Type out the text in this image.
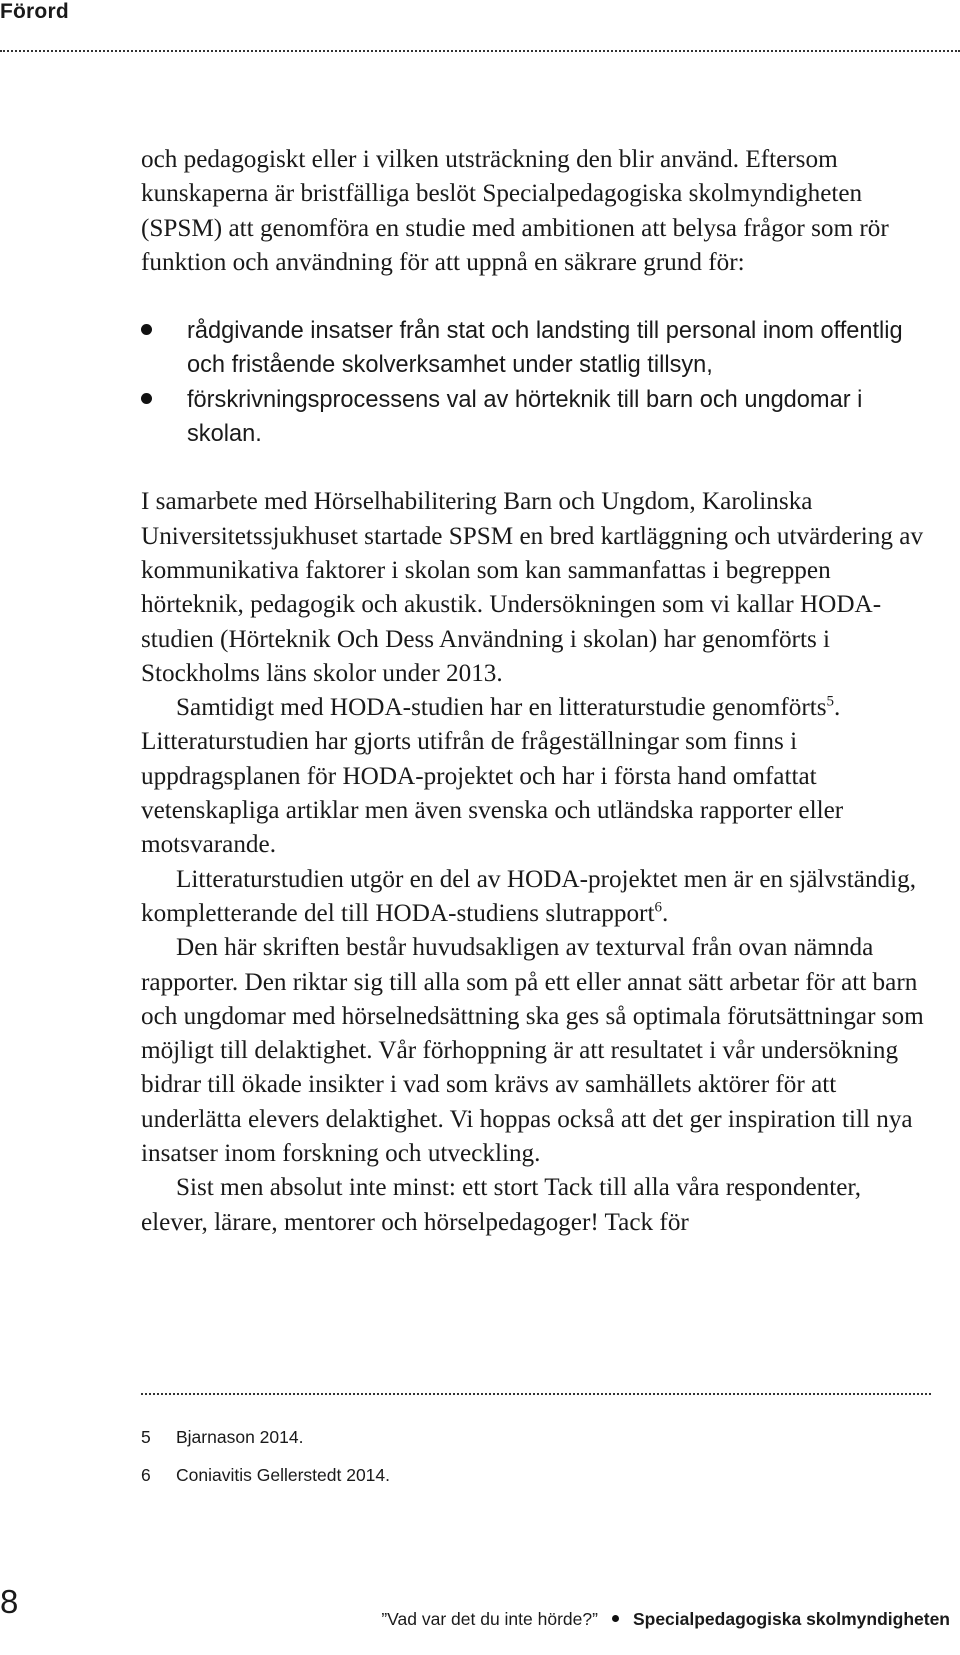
Förord

och pedagogiskt eller i vilken utsträckning den blir använd. Eftersom kunskaperna är bristfälliga beslöt Specialpedagogiska skolmyndigheten (SPSM) att genomföra en studie med ambitionen att belysa frågor som rör funktion och användning för att uppnå en säkrare grund för:

rådgivande insatser från stat och landsting till personal inom offentlig och fristående skolverksamhet under statlig tillsyn,
förskrivningsprocessens val av hörteknik till barn och ungdomar i skolan.

I samarbete med Hörselhabilitering Barn och Ungdom, Karolinska Universitetssjukhuset startade SPSM en bred kartläggning och utvärdering av kommunikativa faktorer i skolan som kan sammanfattas i begreppen hörteknik, pedagogik och akustik. Undersökningen som vi kallar HODA-studien (Hörteknik Och Dess Användning i skolan) har genomförts i Stockholms läns skolor under 2013.

Samtidigt med HODA-studien har en litteraturstudie genomförts$^5$. Litteraturstudien har gjorts utifrån de frågeställningar som finns i uppdragsplanen för HODA-projektet och har i första hand omfattat vetenskapliga artiklar men även svenska och utländska rapporter eller motsvarande.

Litteraturstudien utgör en del av HODA-projektet men är en självständig, kompletterande del till HODA-studiens slutrapport$^6$.

Den här skriften består huvudsakligen av texturval från ovan nämnda rapporter. Den riktar sig till alla som på ett eller annat sätt arbetar för att barn och ungdomar med hörselnedsättning ska ges så optimala förutsättningar som möjligt till delaktighet. Vår förhoppning är att resultatet i vår undersökning bidrar till ökade insikter i vad som krävs av samhällets aktörer för att underlätta elevers delaktighet. Vi hoppas också att det ger inspiration till nya insatser inom forskning och utveckling.

Sist men absolut inte minst: ett stort Tack till alla våra respondenter, elever, lärare, mentorer och hörselpedagoger! Tack för

5 Bjarnason 2014.
6 Coniavitis Gellerstedt 2014.
8	”Vad var det du inte hörde?” Specialpedagogiska skolmyndigheten
